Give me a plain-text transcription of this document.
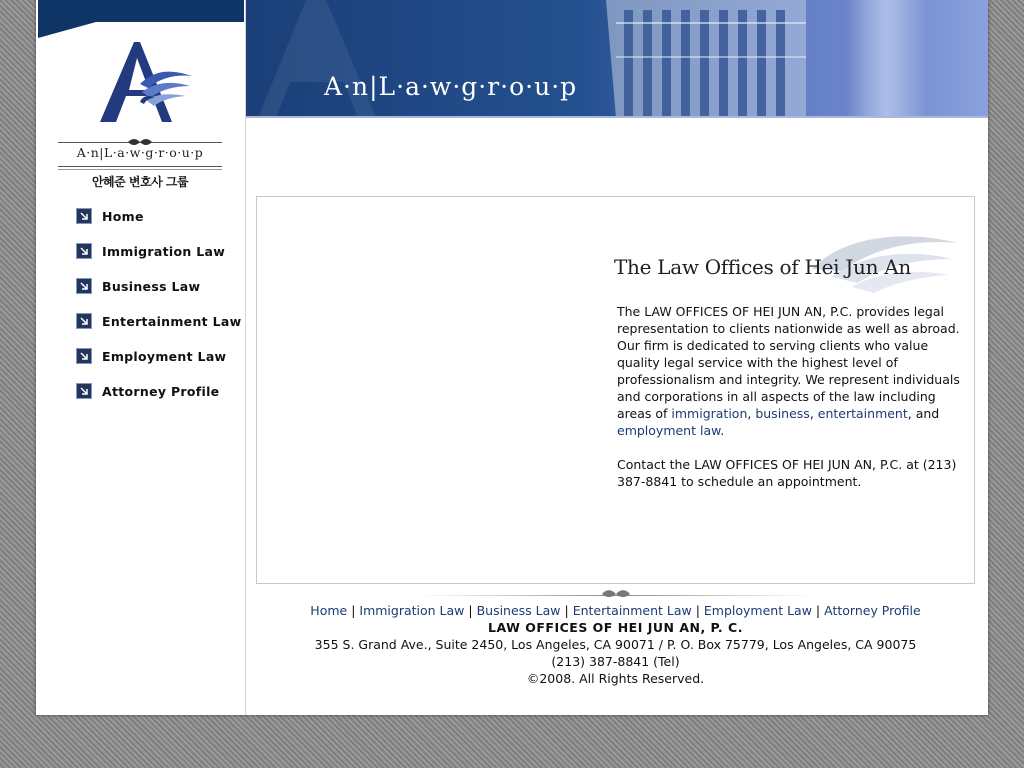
A·n|L·a·w·g·r·o·u·p
안혜준 변호사 그룹
Home
Immigration Law
Business Law
Entertainment Law
Employment Law
Attorney Profile
A·n|L·a·w·g·r·o·u·p
The Law Offices of Hei Jun An
The LAW OFFICES OF HEI JUN AN, P.C. provides legal representation to clients nationwide as well as abroad. Our firm is dedicated to serving clients who value quality legal service with the highest level of professionalism and integrity. We represent individuals and corporations in all aspects of the law including areas of immigration, business, entertainment, and employment law.
Contact the LAW OFFICES OF HEI JUN AN, P.C. at (213) 387-8841 to schedule an appointment.
Home | Immigration Law | Business Law | Entertainment Law | Employment Law | Attorney Profile
LAW OFFICES OF HEI JUN AN, P. C.
355 S. Grand Ave., Suite 2450, Los Angeles, CA 90071 / P. O. Box 75779, Los Angeles, CA 90075
(213) 387-8841 (Tel)
©2008. All Rights Reserved.
